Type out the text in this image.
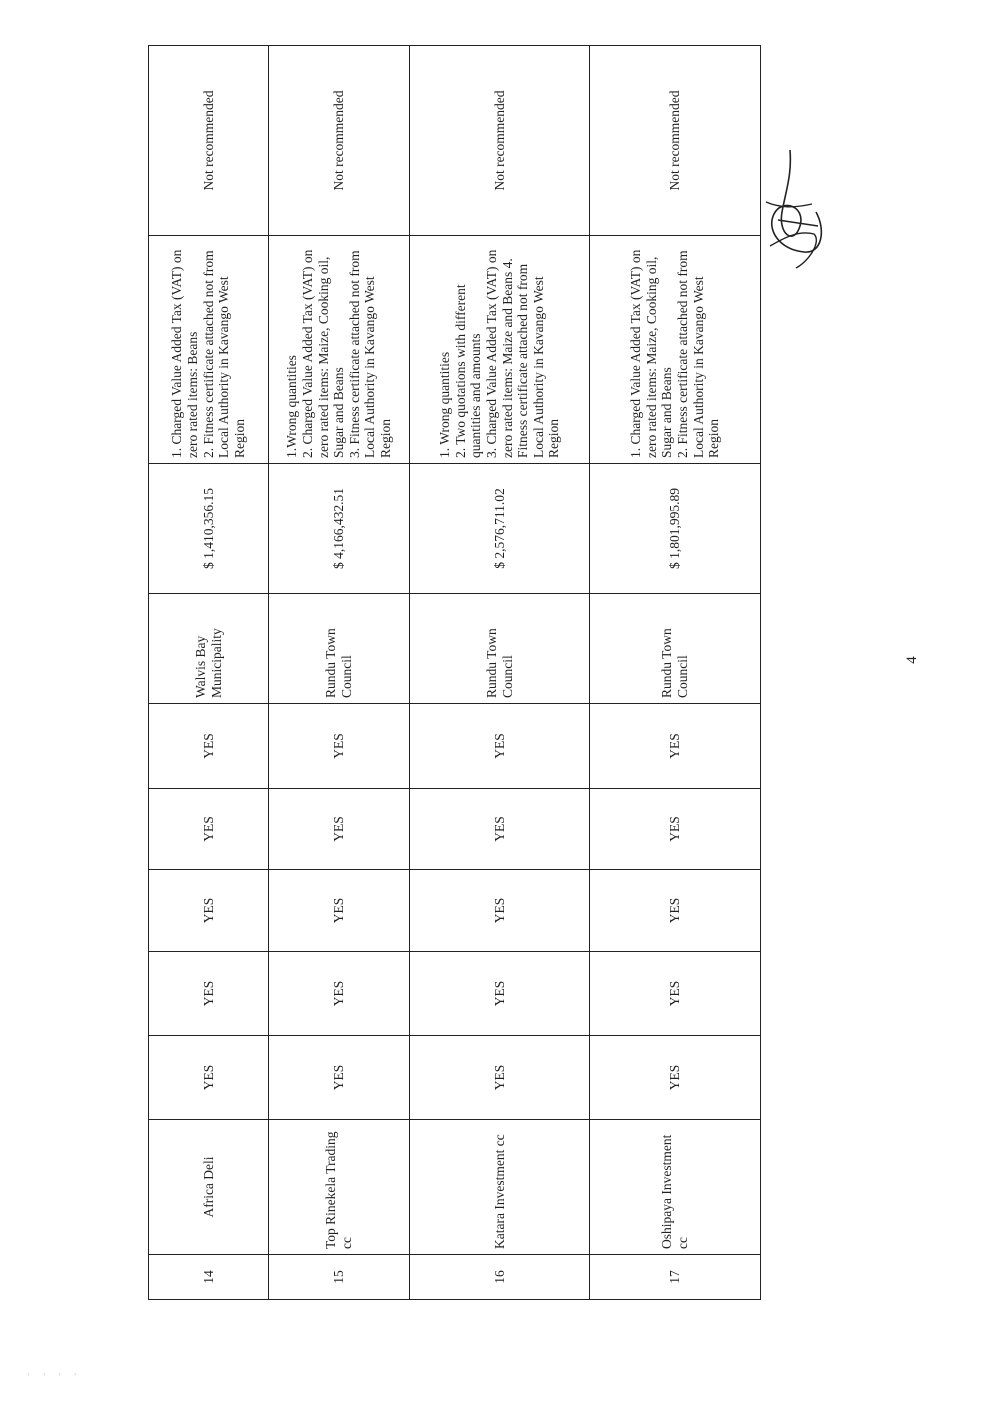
14	Africa Deli	YES	YES	YES	YES	YES	Walvis Bay Municipality	$ 1,410,356.15	1. Charged Value Added Tax (VAT) on zero rated items: Beans
2. Fitness certificate attached not from Local Authority in Kavango West Region	Not recommended
15	Top Rinekela Trading cc	YES	YES	YES	YES	YES	Rundu Town Council	$ 4,166,432.51	1.Wrong quantities
2. Charged Value Added Tax (VAT) on zero rated items: Maize, Cooking oil, Sugar and Beans
3. Fitness certificate attached not from Local Authority in Kavango West Region	Not recommended
16	Katara Investment cc	YES	YES	YES	YES	YES	Rundu Town Council	$ 2,576,711.02	1. Wrong quantities
2. Two quotations with different quantities and amounts
3. Charged Value Added Tax (VAT) on zero rated items: Maize and Beans 4. Fitness certificate attached not from Local Authority in Kavango West Region	Not recommended
17	Oshipaya Investment cc	YES	YES	YES	YES	YES	Rundu Town Council	$ 1,801,995.89	1. Charged Value Added Tax (VAT) on zero rated items: Maize, Cooking oil, Sugar and Beans
2. Fitness certificate attached not from Local Authority in Kavango West Region	Not recommended
4
' ' ' '
